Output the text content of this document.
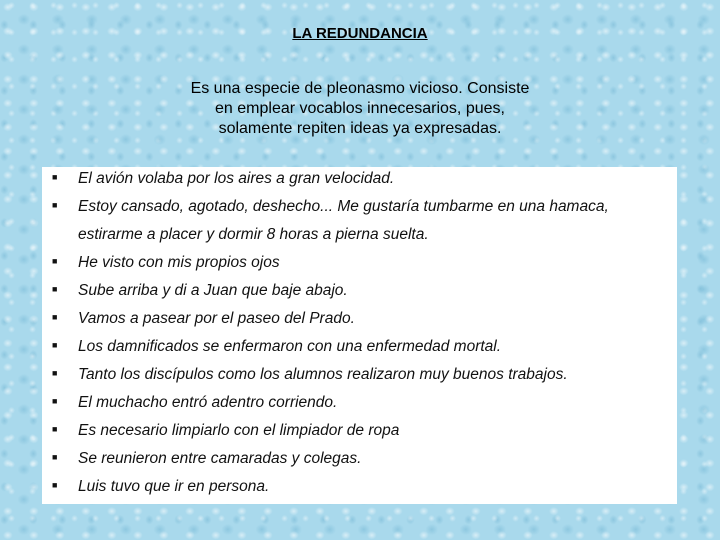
LA REDUNDANCIA
Es una especie de pleonasmo vicioso. Consiste
en emplear vocablos innecesarios, pues,
solamente repiten ideas ya expresadas.
■ El avión volaba por los aires a gran velocidad.
■ Estoy cansado, agotado, deshecho... Me gustaría tumbarme en una hamaca,
estirarme a placer y dormir 8 horas a pierna suelta.
■ He visto con mis propios ojos
■ Sube arriba y di a Juan que baje abajo.
■ Vamos a pasear por el paseo del Prado.
■ Los damnificados se enfermaron con una enfermedad mortal.
■ Tanto los discípulos como los alumnos realizaron muy buenos trabajos.
■ El muchacho entró adentro corriendo.
■ Es necesario limpiarlo con el limpiador de ropa
■ Se reunieron entre camaradas y colegas.
■ Luis tuvo que ir en persona.
